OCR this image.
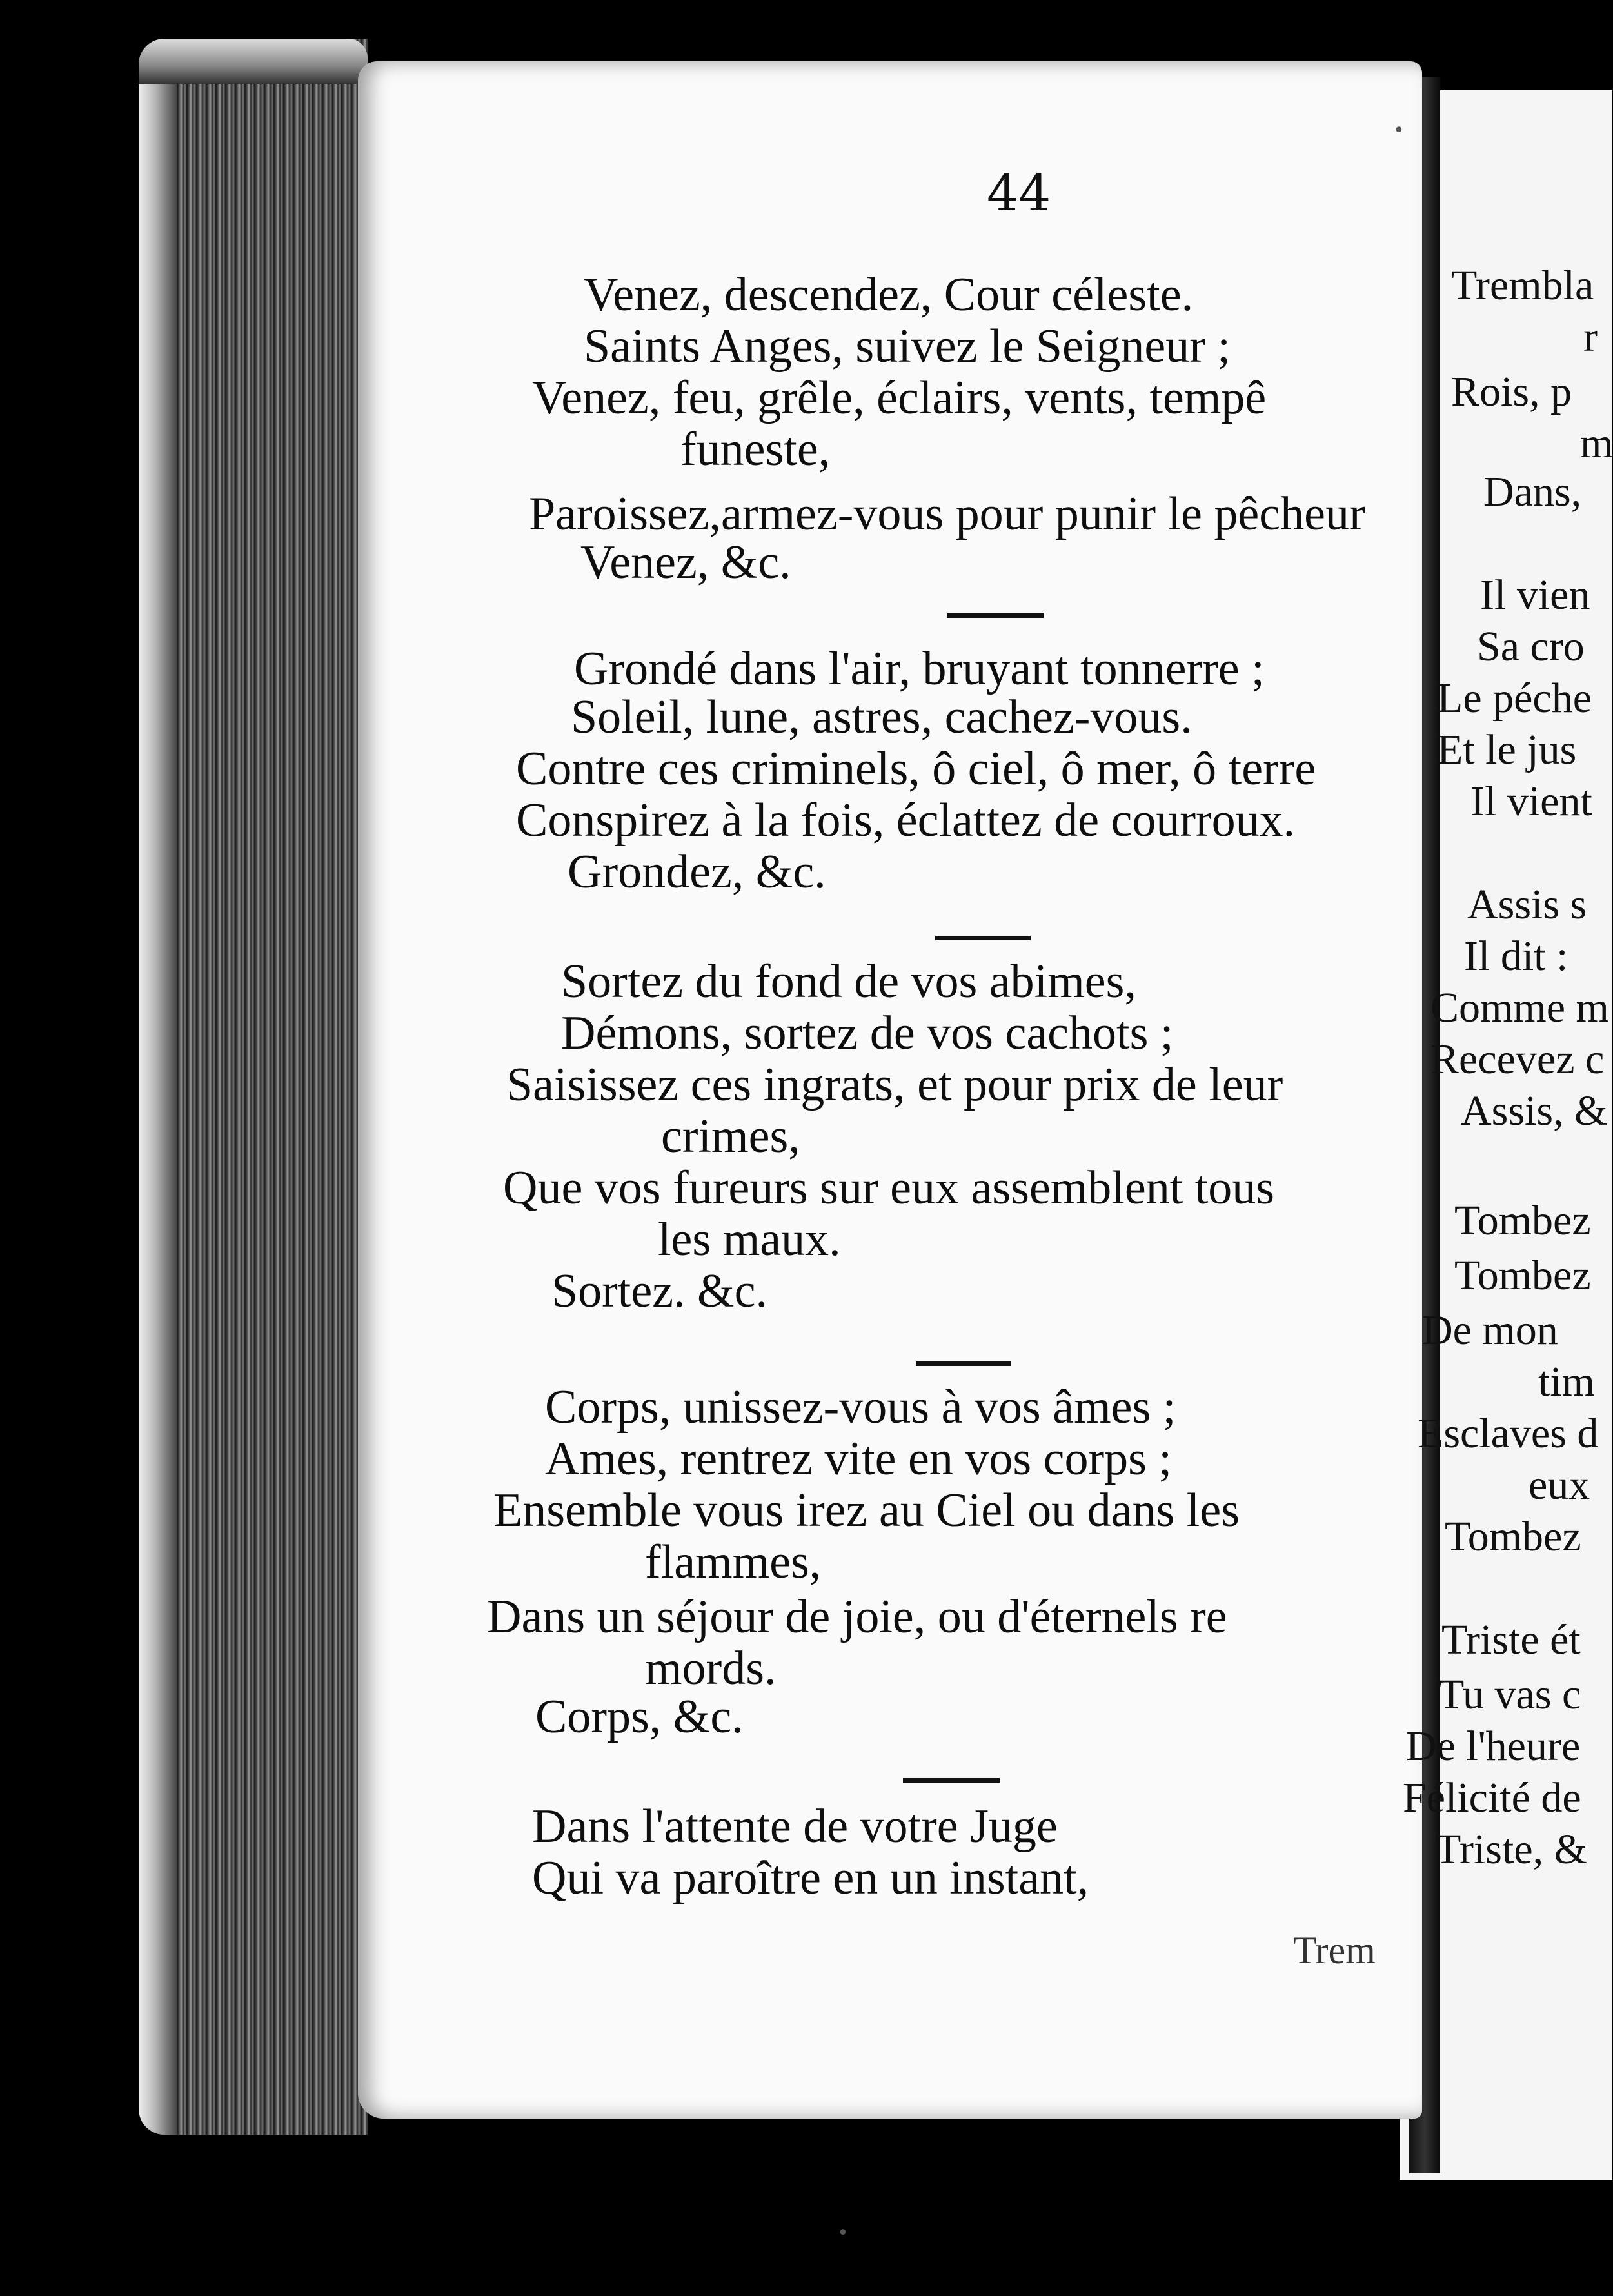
•
44
Venez, descendez, Cour céleste.
Saints Anges, suivez le Seigneur ;
Venez, feu, grêle, éclairs, vents, tempê
funeste,
Paroissez,armez-vous pour punir le pêcheur
Venez, &c.
Grondé dans l'air, bruyant tonnerre ;
Soleil, lune, astres, cachez-vous.
Contre ces criminels, ô ciel, ô mer, ô terre
Conspirez à la fois, éclattez de courroux.
Grondez, &c.
Sortez du fond de vos abimes,
Démons, sortez de vos cachots ;
Saisissez ces ingrats, et pour prix de leur
crimes,
Que vos fureurs sur eux assemblent tous
les maux.
Sortez. &c.
Corps, unissez-vous à vos âmes ;
Ames, rentrez vite en vos corps ;
Ensemble vous irez au Ciel ou dans les
flammes,
Dans un séjour de joie, ou d'éternels re
mords.
Corps, &c.
Dans l'attente de votre Juge
Qui va paroître en un instant,
Trem
Trembla
r
Rois, p
m
Dans,
Il vien
Sa cro
Le péche
Et le jus
Il vient
Assis s
Il dit :
Comme m
Recevez c
Assis, &
Tombez
Tombez
De mon
tim
Esclaves d
eux
Tombez
Triste ét
Tu vas c
De l'heure
Félicité de
Triste, &
•
